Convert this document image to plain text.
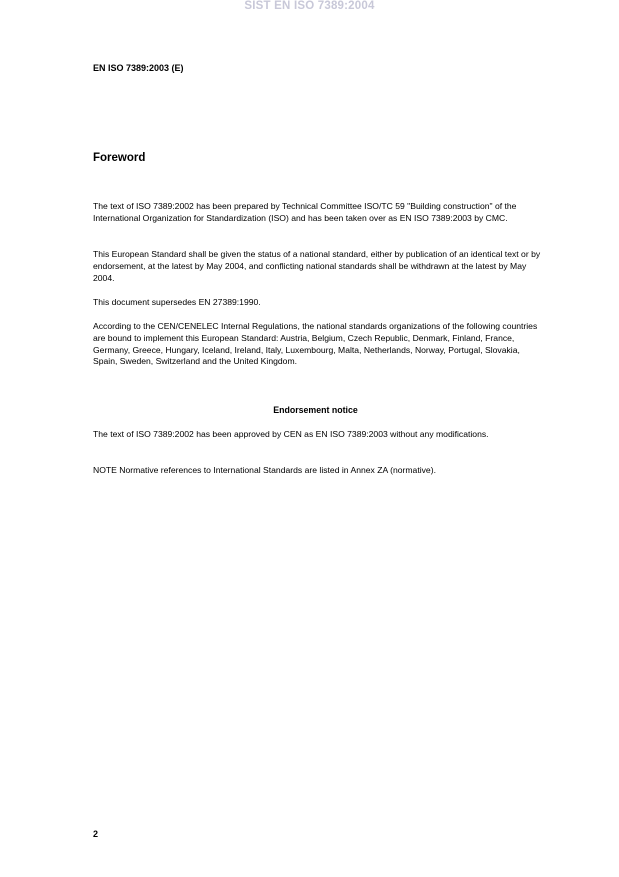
SIST EN ISO 7389:2004
EN ISO 7389:2003 (E)
Foreword
The text of ISO 7389:2002 has been prepared by Technical Committee ISO/TC 59 "Building construction" of the International Organization for Standardization (ISO) and has been taken over as EN ISO 7389:2003 by CMC.
This European Standard shall be given the status of a national standard, either by publication of an identical text or by endorsement, at the latest by May 2004, and conflicting national standards shall be withdrawn at the latest by May 2004.
This document supersedes EN 27389:1990.
According to the CEN/CENELEC Internal Regulations, the national standards organizations of the following countries are bound to implement this European Standard: Austria, Belgium, Czech Republic, Denmark, Finland, France, Germany, Greece, Hungary, Iceland, Ireland, Italy, Luxembourg, Malta, Netherlands, Norway, Portugal, Slovakia, Spain, Sweden, Switzerland and the United Kingdom.
Endorsement notice
The text of ISO 7389:2002 has been approved by CEN as EN ISO 7389:2003 without any modifications.
NOTE Normative references to International Standards are listed in Annex ZA (normative).
2
